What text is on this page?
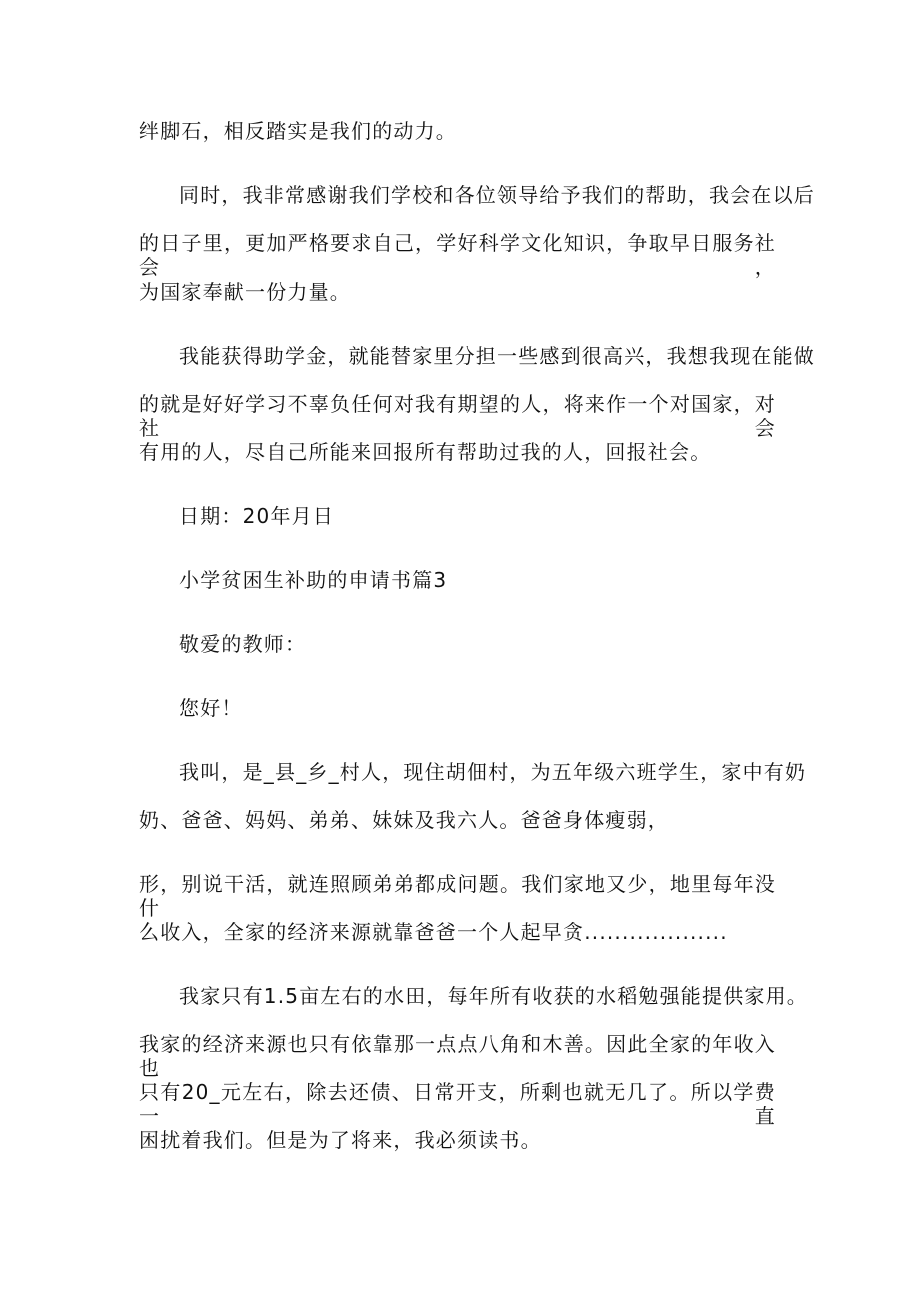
绊脚石，相反踏实是我们的动力。
同时，我非常感谢我们学校和各位领导给予我们的帮助，我会在以后
的日子里，更加严格要求自己，学好科学文化知识，争取早日服务社会，
为国家奉献一份力量。
我能获得助学金，就能替家里分担一些感到很高兴，我想我现在能做
的就是好好学习不辜负任何对我有期望的人，将来作一个对国家，对社会
有用的人，尽自己所能来回报所有帮助过我的人，回报社会。
日期：20年月日
小学贫困生补助的申请书篇3
敬爱的教师：
您好！
我叫，是_县_乡_村人，现住胡佃村，为五年级六班学生，家中有奶
奶、爸爸、妈妈、弟弟、妹妹及我六人。爸爸身体瘦弱，
形，别说干活，就连照顾弟弟都成问题。我们家地又少，地里每年没什
么收入，全家的经济来源就靠爸爸一个人起早贪...................
我家只有1.5亩左右的水田，每年所有收获的水稻勉强能提供家用。
我家的经济来源也只有依靠那一点点八角和木善。因此全家的年收入也
只有20_元左右，除去还债、日常开支，所剩也就无几了。所以学费一直
困扰着我们。但是为了将来，我必须读书。
